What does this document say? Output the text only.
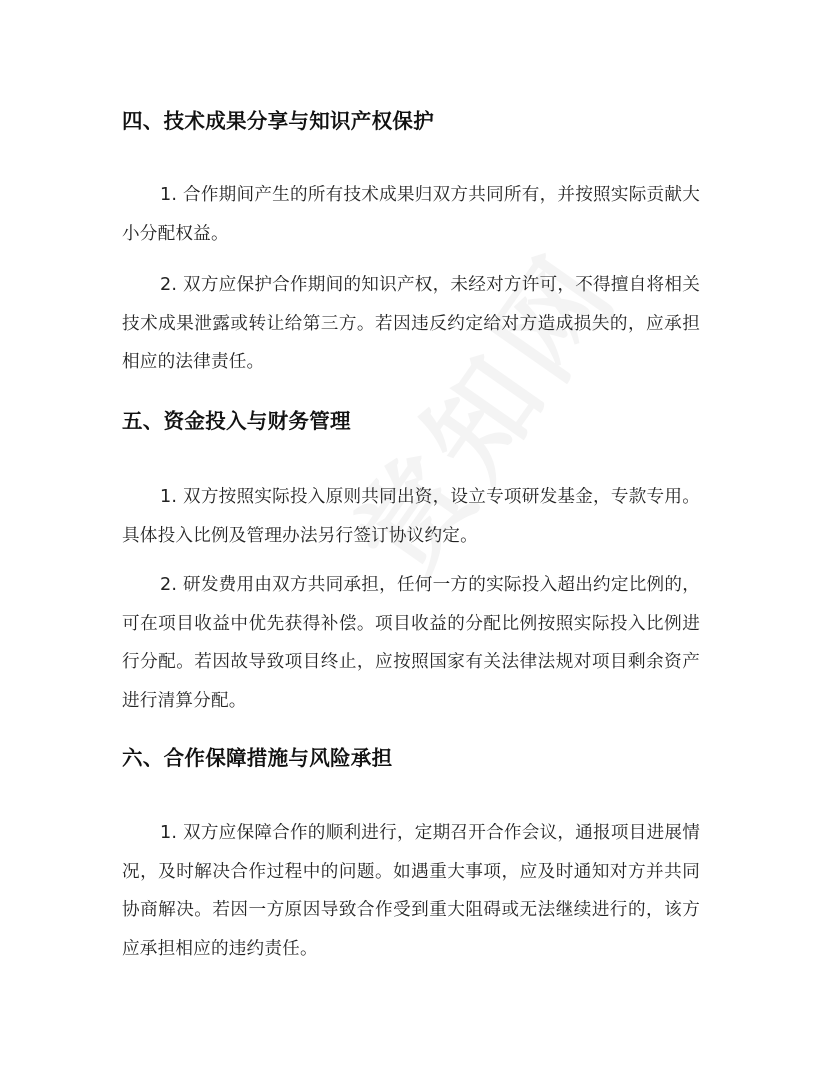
四、技术成果分享与知识产权保护

1. 合作期间产生的所有技术成果归双方共同所有，并按照实际贡献大小分配权益。

2. 双方应保护合作期间的知识产权，未经对方许可，不得擅自将相关技术成果泄露或转让给第三方。若因违反约定给对方造成损失的，应承担相应的法律责任。

五、资金投入与财务管理

1. 双方按照实际投入原则共同出资，设立专项研发基金，专款专用。具体投入比例及管理办法另行签订协议约定。

2. 研发费用由双方共同承担，任何一方的实际投入超出约定比例的，可在项目收益中优先获得补偿。项目收益的分配比例按照实际投入比例进行分配。若因故导致项目终止，应按照国家有关法律法规对项目剩余资产进行清算分配。

六、合作保障措施与风险承担

1. 双方应保障合作的顺利进行，定期召开合作会议，通报项目进展情况，及时解决合作过程中的问题。如遇重大事项，应及时通知对方并共同协商解决。若因一方原因导致合作受到重大阻碍或无法继续进行的，该方应承担相应的违约责任。
